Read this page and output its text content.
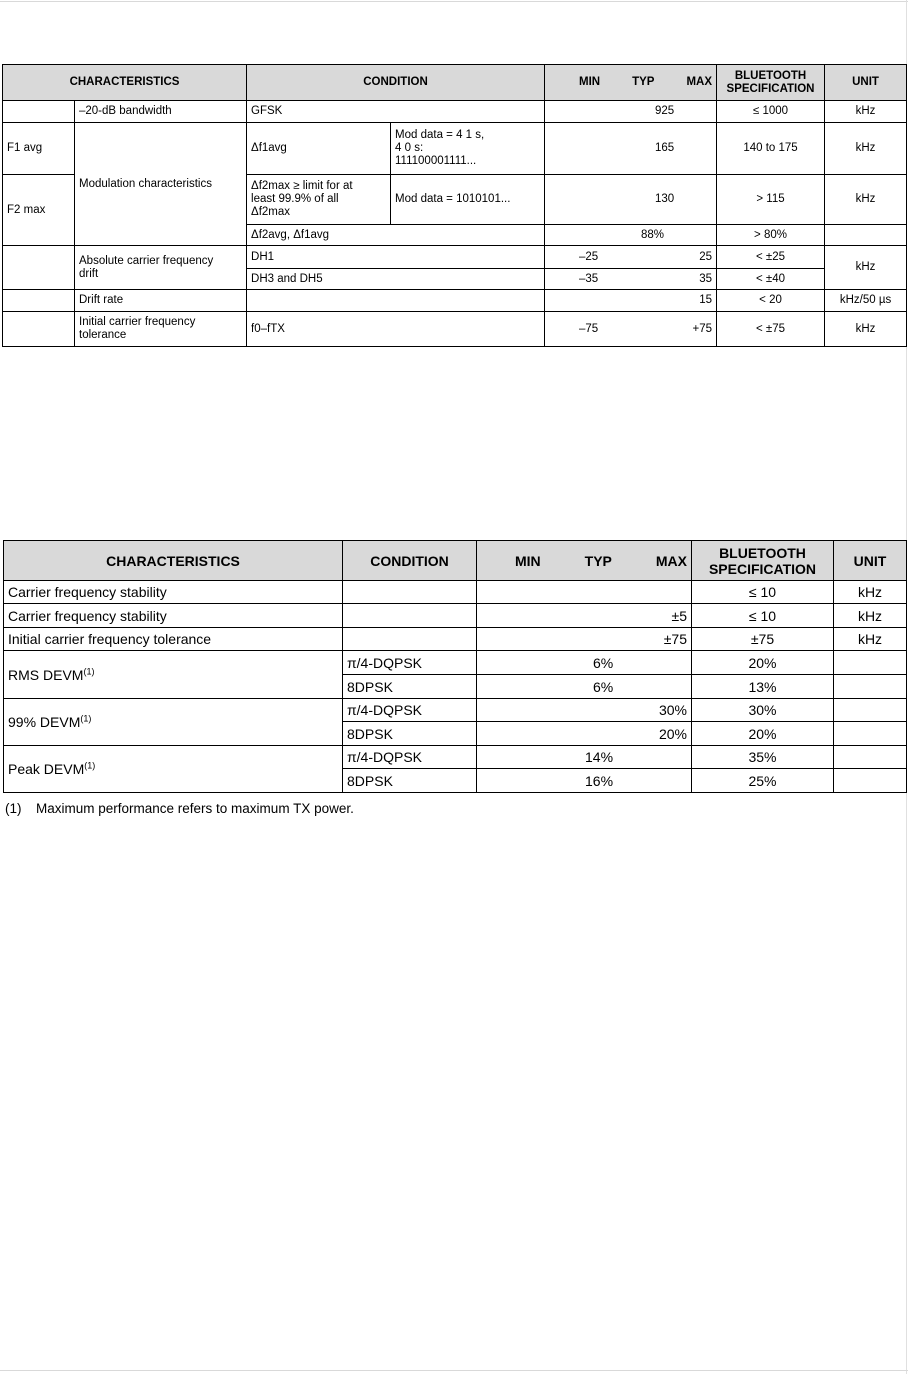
CHARACTERISTICS		CONDITION		MIN TYP MAX	BLUETOOTH
SPECIFICATION	UNIT
	–20-dB bandwidth	GFSK		925	≤ 1000	kHz
F1 avg	Modulation characteristics	Δf1avg	Mod data = 4 1 s,
4 0 s:
111100001111...	165	140 to 175	kHz
F2 max		Δf2max ≥ limit for at
least 99.9% of all
Δf2max	Mod data = 1010101...	130	> 115	kHz
		Δf2avg, Δf1avg		88%	> 80%	
	Absolute carrier frequency
drift	DH1		–25 25	< ±25	kHz
		DH3 and DH5		–35 35	< ±40	
	Drift rate			15	< 20	kHz/50 µs
	Initial carrier frequency
tolerance	f0–fTX		–75 +75	< ±75	kHz
CHARACTERISTICS	CONDITION	MIN TYP MAX	BLUETOOTH
SPECIFICATION	UNIT
Carrier frequency stability			≤ 10	kHz
Carrier frequency stability		±5	≤ 10	kHz
Initial carrier frequency tolerance		±75	±75	kHz
RMS DEVM$^{(1)}$	π/4-DQPSK	6%	20%	
	8DPSK	6%	13%	
99% DEVM$^{(1)}$	π/4-DQPSK	30%	30%	
	8DPSK	20%	20%	
Peak DEVM$^{(1)}$	π/4-DQPSK	14%	35%	
	8DPSK	16%	25%	
(1) Maximum performance refers to maximum TX power.
